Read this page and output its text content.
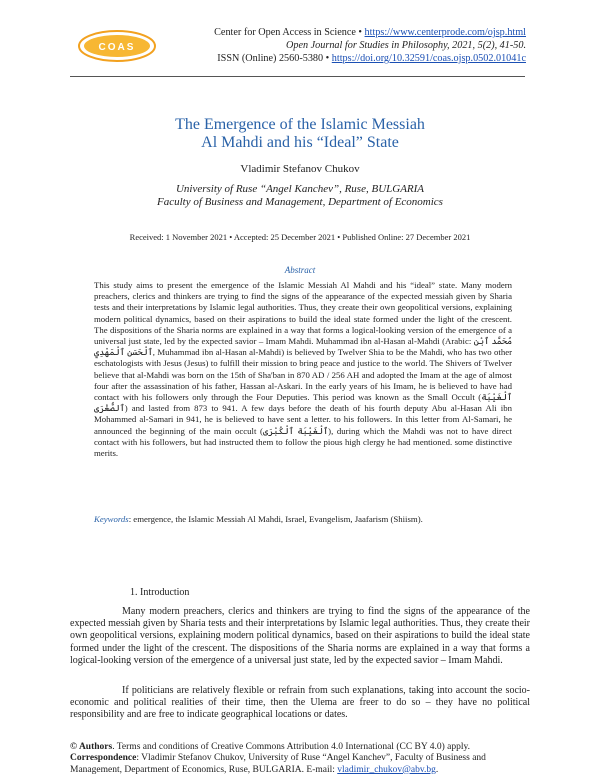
COAS
Center for Open Access in Science • https://www.centerprode.com/ojsp.html
Open Journal for Studies in Philosophy, 2021, 5(2), 41-50.
ISSN (Online) 2560-5380 • https://doi.org/10.32591/coas.ojsp.0502.01041c
The Emergence of the Islamic Messiah
Al Mahdi and his “Ideal” State
Vladimir Stefanov Chukov
University of Ruse “Angel Kanchev”, Ruse, BULGARIA
Faculty of Business and Management, Department of Economics
Received: 1 November 2021 • Accepted: 25 December 2021 • Published Online: 27 December 2021
Abstract
This study aims to present the emergence of the Islamic Messiah Al Mahdi and his “ideal” state. Many modern preachers, clerics and thinkers are trying to find the signs of the appearance of the expected messiah given by Sharia tests and their interpretations by Islamic legal authorities. Thus, they create their own geopolitical versions, explaining modern political dynamics, based on their aspirations to build the ideal state formed under the light of the crescent. The dispositions of the Sharia norms are explained in a way that forms a logical-looking version of the emergence of a universal just state, led by the expected savior – Imam Mahdi. Muhammad ibn al-Hasan al-Mahdi (Arabic: مُحَمَّد ٱبْن ٱلْحَسَن ٱلْمَهْدِي, Muhammad ibn al-Hasan al-Mahdi) is believed by Twelver Shia to be the Mahdi, who has two other eschatologists with Jesus (Jesus) to fulfill their mission to bring peace and justice to the world. The Shivers of Twelver believe that al-Mahdi was born on the 15th of Sha'ban in 870 AD / 256 AH and adopted the Imam at the age of almost four after the assassination of his father, Hassan al-Askari. In the early years of his Imam, he is believed to have had contact with his followers only through the Four Deputies. This period was known as the Small Occult (ٱلْغَيْبَة ٱلصُّغْرَى) and lasted from 873 to 941. A few days before the death of his fourth deputy Abu al-Hasan Ali ibn Mohammed al-Samari in 941, he is believed to have sent a letter. to his followers. In this letter from Al-Samari, he announced the beginning of the main occult (ٱلْغَيْبَة ٱلْكُبْرَى), during which the Mahdi was not to have direct contact with his followers, but had instructed them to follow the pious high clergy he had mentioned. some distinctive merits.
Keywords: emergence, the Islamic Messiah Al Mahdi, Israel, Evangelism, Jaafarism (Shiism).
1. Introduction
Many modern preachers, clerics and thinkers are trying to find the signs of the appearance of the expected messiah given by Sharia tests and their interpretations by Islamic legal authorities. Thus, they create their own geopolitical versions, explaining modern political dynamics, based on their aspirations to build the ideal state formed under the light of the crescent. The dispositions of the Sharia norms are explained in a way that forms a logical-looking version of the emergence of a universal just state, led by the expected savior – Imam Mahdi.
If politicians are relatively flexible or refrain from such explanations, taking into account the socio-economic and political realities of their time, then the Ulema are freer to do so – they have no political responsibility and are free to indicate geographical locations or dates.
© Authors. Terms and conditions of Creative Commons Attribution 4.0 International (CC BY 4.0) apply.
Correspondence: Vladimir Stefanov Chukov, University of Ruse “Angel Kanchev”, Faculty of Business and Management, Department of Economics, Ruse, BULGARIA. E-mail: vladimir_chukov@abv.bg.
